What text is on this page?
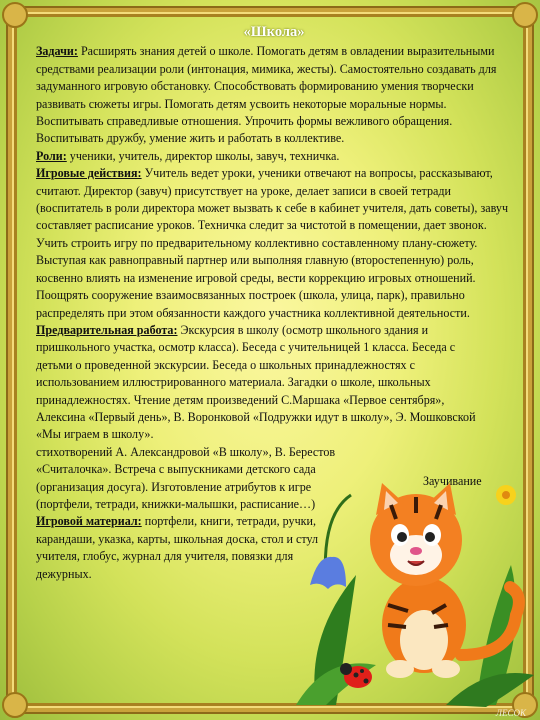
«Школа»

Задачи: Расширять знания детей о школе. Помогать детям в овладении выразительными средствами реализации роли (интонация, мимика, жесты). Самостоятельно создавать для задуманного игровую обстановку. Способствовать формированию умения творчески развивать сюжеты игры. Помогать детям усвоить некоторые моральные нормы. Воспитывать справедливые отношения. Упрочить формы вежливого обращения. Воспитывать дружбу, умение жить и работать в коллективе.

Роли: ученики, учитель, директор школы, завуч, техничка.

Игровые действия: Учитель ведет уроки, ученики отвечают на вопросы, рассказывают, считают. Директор (завуч) присутствует на уроке, делает записи в своей тетради (воспитатель в роли директора может вызвать к себе в кабинет учителя, дать советы), завуч составляет расписание уроков. Техничка следит за чистотой в помещении, дает звонок. Учить строить игру по предварительному коллективно составленному плану-сюжету. Выступая как равноправный партнер или выполняя главную (второстепенную) роль, косвенно влиять на изменение игровой среды, вести коррекцию игровых отношений. Поощрять сооружение взаимосвязанных построек (школа, улица, парк), правильно распределять при этом обязанности каждого участника коллективной деятельности.

Предварительная работа: Экскурсия в школу (осмотр школьного здания и пришкольного участка, осмотр класса). Беседа с учительницей 1 класса. Беседа с детьми о проведенной экскурсии. Беседа о школьных принадлежностях с использованием иллюстрированного материала. Загадки о школе, школьных принадлежностях. Чтение детям произведений С.Маршака «Первое сентября», Алексина «Первый день», В. Воронковой «Подружки идут в школу», Э. Мошковской «Мы играем в школу».

стихотворений А. Александровой «В школу», В. Берестов «Считалочка». Встреча с выпускниками детского сада (организация досуга). Изготовление атрибутов к игре (портфели, тетради, книжки-малышки, расписание…)

Игровой материал: портфели, книги, тетради, ручки, карандаши, указка, карты, школьная доска, стол и стул учителя, глобус, журнал для учителя, повязки для дежурных.

Заучивание
ЛЕСОК
